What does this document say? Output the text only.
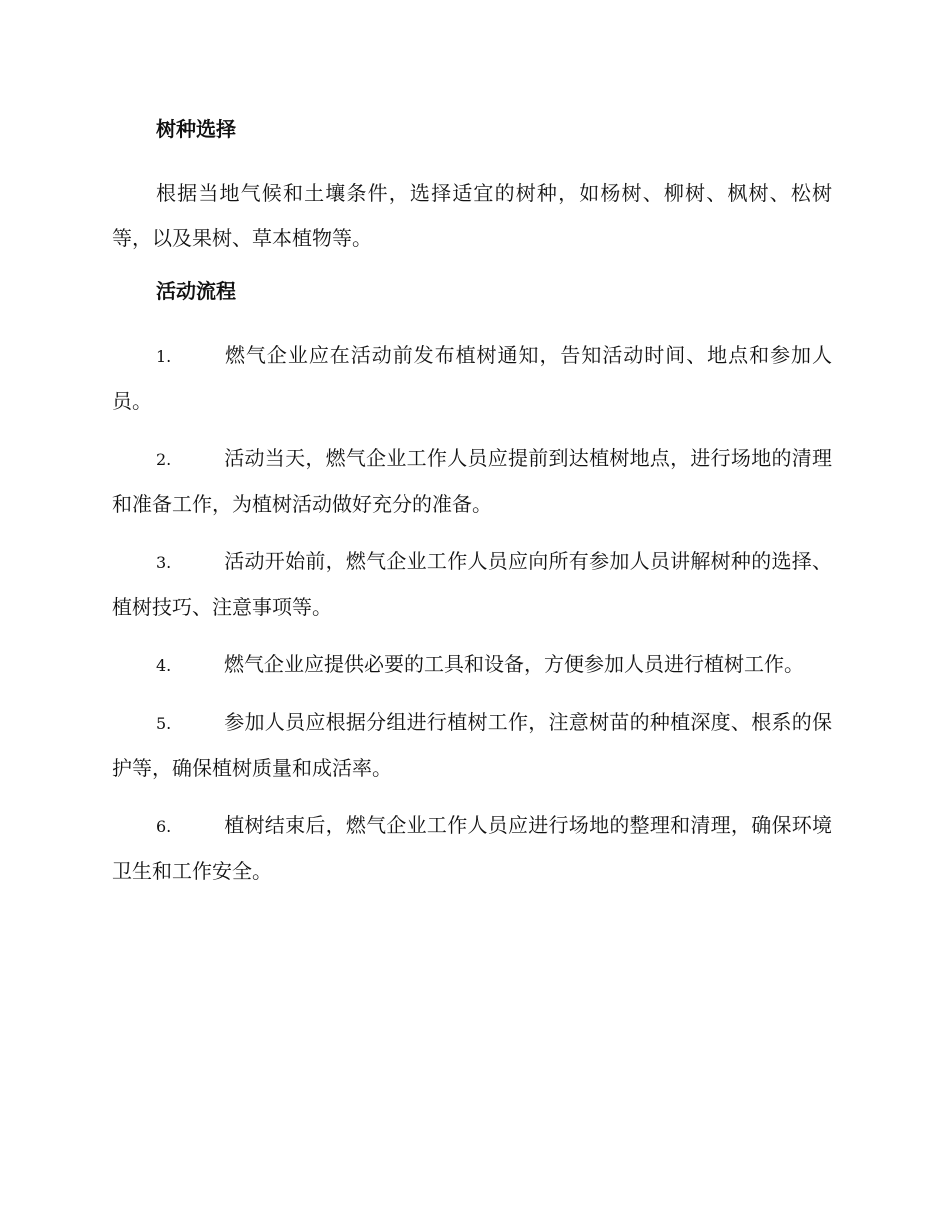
树种选择

根据当地气候和土壤条件，选择适宜的树种，如杨树、柳树、枫树、松树等，以及果树、草本植物等。

活动流程

1.	燃气企业应在活动前发布植树通知，告知活动时间、地点和参加人员。

2.	活动当天，燃气企业工作人员应提前到达植树地点，进行场地的清理和准备工作，为植树活动做好充分的准备。

3.	活动开始前，燃气企业工作人员应向所有参加人员讲解树种的选择、植树技巧、注意事项等。

4.	燃气企业应提供必要的工具和设备，方便参加人员进行植树工作。

5.	参加人员应根据分组进行植树工作，注意树苗的种植深度、根系的保护等，确保植树质量和成活率。

6.	植树结束后，燃气企业工作人员应进行场地的整理和清理，确保环境卫生和工作安全。
